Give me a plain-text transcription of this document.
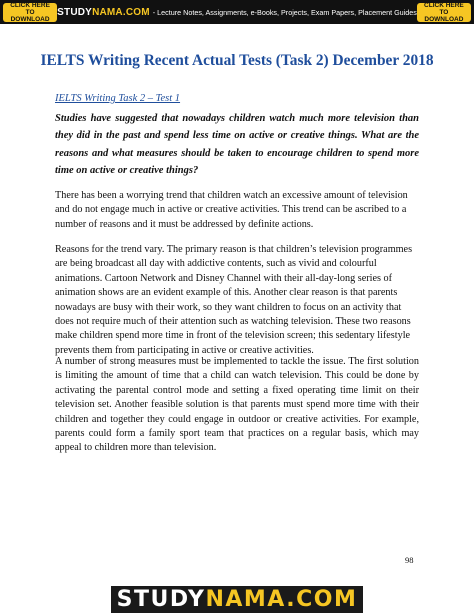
CLICK HERE TO
DOWNLOAD
STUDYNAMA.COM - Lecture Notes, Assignments, e-Books, Projects, Exam Papers, Placement Guides
CLICK HERE TO
DOWNLOAD
IELTS Writing Recent Actual Tests (Task 2) December 2018

IELTS Writing Task 2 – Test 1

Studies have suggested that nowadays children watch much more television than they did in the past and spend less time on active or creative things. What are the reasons and what measures should be taken to encourage children to spend more time on active or creative things?

There has been a worrying trend that children watch an excessive amount of television and do not engage much in active or creative activities. This trend can be ascribed to a number of reasons and it must be addressed by definite actions.

Reasons for the trend vary. The primary reason is that children’s television programmes are being broadcast all day with addictive contents, such as vivid and colourful animations. Cartoon Network and Disney Channel with their all-day-long series of animation shows are an evident example of this. Another clear reason is that parents nowadays are busy with their work, so they want children to focus on an activity that does not require much of their attention such as watching television. These two reasons make children spend more time in front of the television screen; this sedentary lifestyle prevents them from participating in active or creative activities.

A number of strong measures must be implemented to tackle the issue. The first solution is limiting the amount of time that a child can watch television. This could be done by activating the parental control mode and setting a fixed operating time limit on their television set. Another feasible solution is that parents must spend more time with their children and together they could engage in outdoor or creative activities. For example, parents could form a family sport team that practices on a regular basis, which may appeal to children more than television.

98
STUDYNAMA.COM
